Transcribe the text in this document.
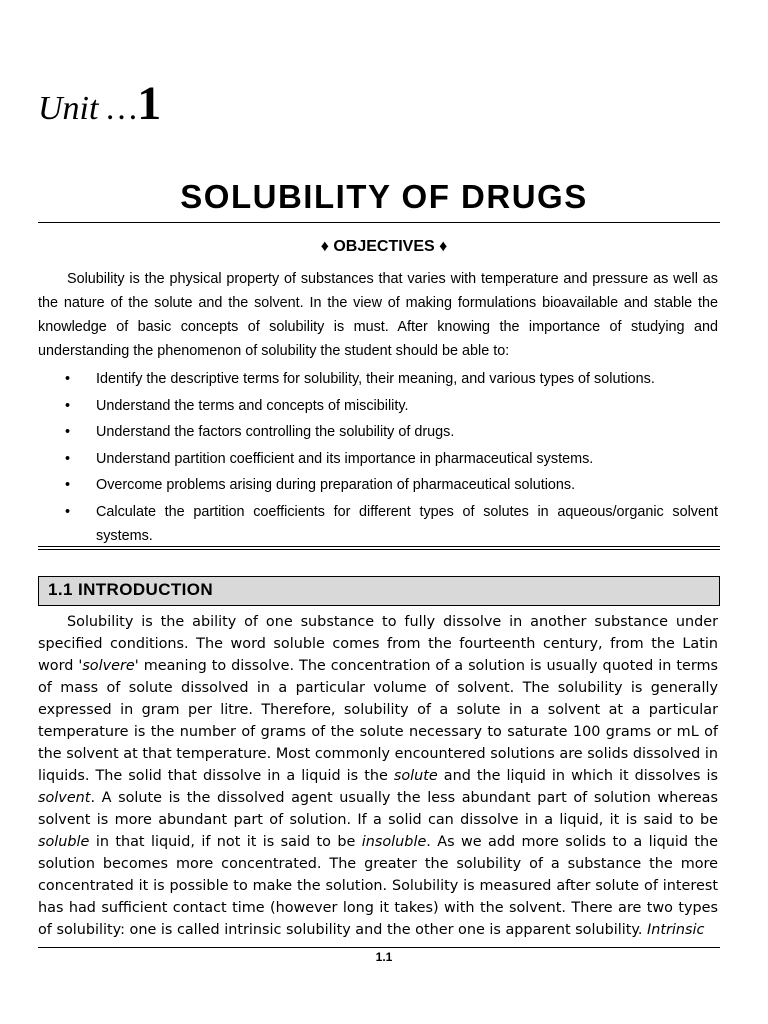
Unit …1
SOLUBILITY OF DRUGS
♦ OBJECTIVES ♦

Solubility is the physical property of substances that varies with temperature and pressure as well as the nature of the solute and the solvent. In the view of making formulations bioavailable and stable the knowledge of basic concepts of solubility is must. After knowing the importance of studying and understanding the phenomenon of solubility the student should be able to:

• Identify the descriptive terms for solubility, their meaning, and various types of solutions.
• Understand the terms and concepts of miscibility.
• Understand the factors controlling the solubility of drugs.
• Understand partition coefficient and its importance in pharmaceutical systems.
• Overcome problems arising during preparation of pharmaceutical solutions.
• Calculate the partition coefficients for different types of solutes in aqueous/organic solvent systems.
1.1 INTRODUCTION

Solubility is the ability of one substance to fully dissolve in another substance under specified conditions. The word soluble comes from the fourteenth century, from the Latin word 'solvere' meaning to dissolve. The concentration of a solution is usually quoted in terms of mass of solute dissolved in a particular volume of solvent. The solubility is generally expressed in gram per litre. Therefore, solubility of a solute in a solvent at a particular temperature is the number of grams of the solute necessary to saturate 100 grams or mL of the solvent at that temperature. Most commonly encountered solutions are solids dissolved in liquids. The solid that dissolve in a liquid is the solute and the liquid in which it dissolves is solvent. A solute is the dissolved agent usually the less abundant part of solution whereas solvent is more abundant part of solution. If a solid can dissolve in a liquid, it is said to be soluble in that liquid, if not it is said to be insoluble. As we add more solids to a liquid the solution becomes more concentrated. The greater the solubility of a substance the more concentrated it is possible to make the solution. Solubility is measured after solute of interest has had sufficient contact time (however long it takes) with the solvent. There are two types of solubility: one is called intrinsic solubility and the other one is apparent solubility. Intrinsic

1.1
